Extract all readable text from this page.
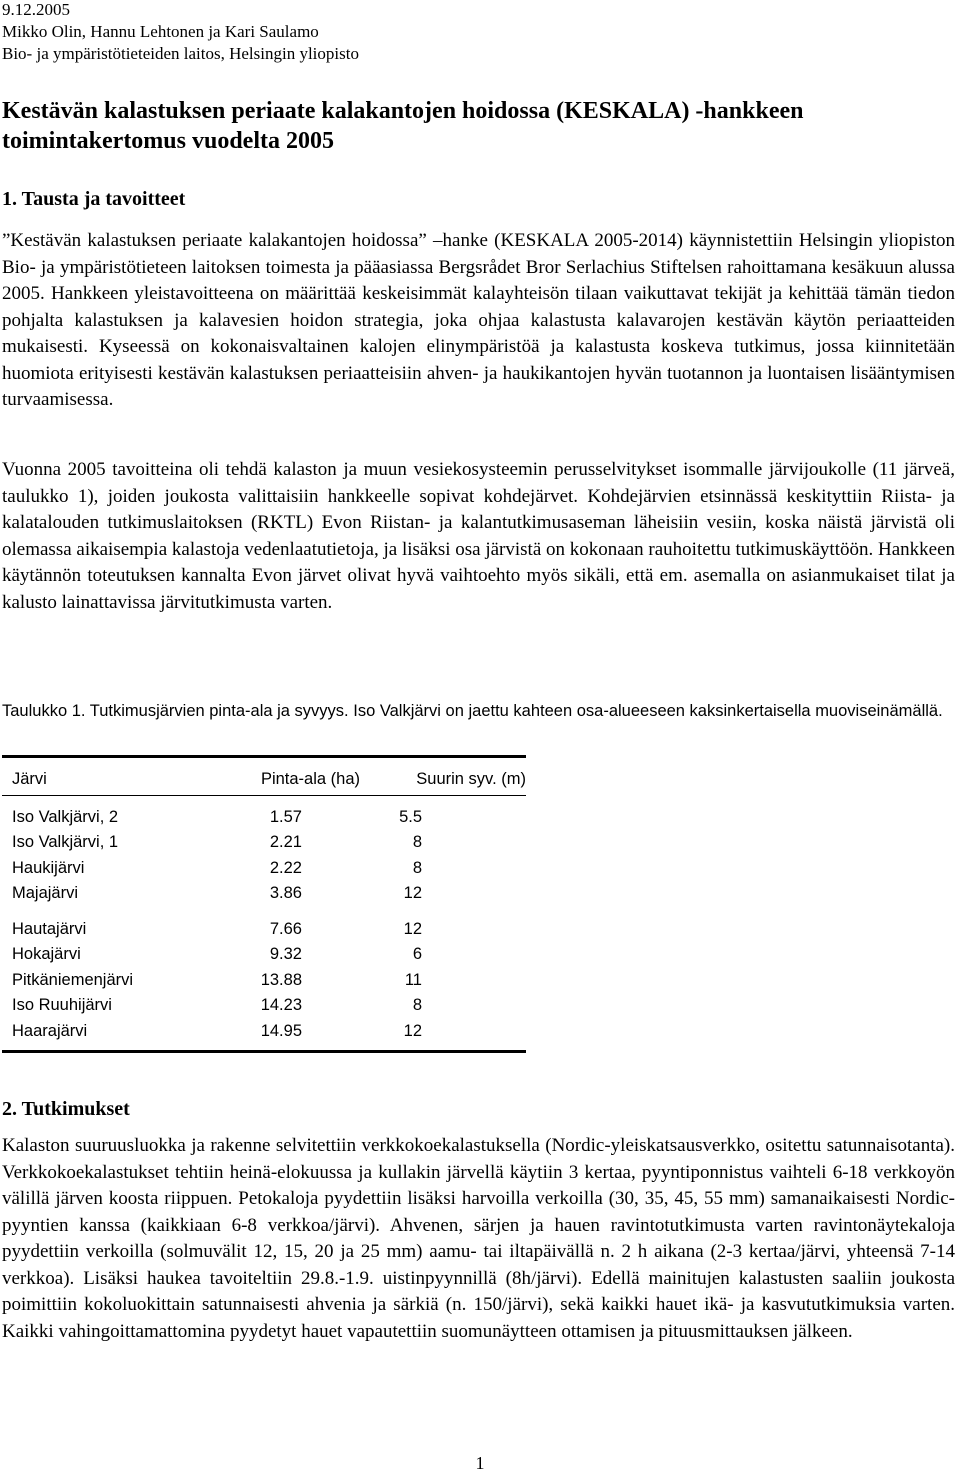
9.12.2005
Mikko Olin, Hannu Lehtonen ja Kari Saulamo
Bio- ja ympäristötieteiden laitos, Helsingin yliopisto
Kestävän kalastuksen periaate kalakantojen hoidossa (KESKALA) -hankkeen toimintakertomus vuodelta 2005
1. Tausta ja tavoitteet

”Kestävän kalastuksen periaate kalakantojen hoidossa” –hanke (KESKALA 2005-2014) käynnistettiin Helsingin yliopiston Bio- ja ympäristötieteen laitoksen toimesta ja pääasiassa Bergsrådet Bror Serlachius Stiftelsen rahoittamana kesäkuun alussa 2005. Hankkeen yleistavoitteena on määrittää keskeisimmät kalayhteisön tilaan vaikuttavat tekijät ja kehittää tämän tiedon pohjalta kalastuksen ja kalavesien hoidon strategia, joka ohjaa kalastusta kalavarojen kestävän käytön periaatteiden mukaisesti. Kyseessä on kokonaisvaltainen kalojen elinympäristöä ja kalastusta koskeva tutkimus, jossa kiinnitetään huomiota erityisesti kestävän kalastuksen periaatteisiin ahven- ja haukikantojen hyvän tuotannon ja luontaisen lisääntymisen turvaamisessa.

Vuonna 2005 tavoitteina oli tehdä kalaston ja muun vesiekosysteemin perusselvitykset isommalle järvijoukolle (11 järveä, taulukko 1), joiden joukosta valittaisiin hankkeelle sopivat kohdejärvet. Kohdejärvien etsinnässä keskityttiin Riista- ja kalatalouden tutkimuslaitoksen (RKTL) Evon Riistan- ja kalantutkimusaseman läheisiin vesiin, koska näistä järvistä oli olemassa aikaisempia kalastoja vedenlaatutietoja, ja lisäksi osa järvistä on kokonaan rauhoitettu tutkimuskäyttöön. Hankkeen käytännön toteutuksen kannalta Evon järvet olivat hyvä vaihtoehto myös sikäli, että em. asemalla on asianmukaiset tilat ja kalusto lainattavissa järvitutkimusta varten.

Taulukko 1. Tutkimusjärvien pinta-ala ja syvyys. Iso Valkjärvi on jaettu kahteen osa-alueeseen kaksinkertaisella muoviseinämällä.

Järvi	Pinta-ala (ha)	Suurin syv. (m)
Iso Valkjärvi, 2	1.57	5.5
Iso Valkjärvi, 1	2.21	8
Haukijärvi	2.22	8
Majajärvi	3.86	12
Hautajärvi	7.66	12
Hokajärvi	9.32	6
Pitkäniemenjärvi	13.88	11
Iso Ruuhijärvi	14.23	8
Haarajärvi	14.95	12
2. Tutkimukset

Kalaston suuruusluokka ja rakenne selvitettiin verkkokoekalastuksella (Nordic-yleiskatsausverkko, ositettu satunnaisotanta). Verkkokoekalastukset tehtiin heinä-elokuussa ja kullakin järvellä käytiin 3 kertaa, pyyntiponnistus vaihteli 6-18 verkkoyön välillä järven koosta riippuen. Petokaloja pyydettiin lisäksi harvoilla verkoilla (30, 35, 45, 55 mm) samanaikaisesti Nordic-pyyntien kanssa (kaikkiaan 6-8 verkkoa/järvi). Ahvenen, särjen ja hauen ravintotutkimusta varten ravintonäytekaloja pyydettiin verkoilla (solmuvälit 12, 15, 20 ja 25 mm) aamu- tai iltapäivällä n. 2 h aikana (2-3 kertaa/järvi, yhteensä 7-14 verkkoa). Lisäksi haukea tavoiteltiin 29.8.-1.9. uistinpyynnillä (8h/järvi). Edellä mainitujen kalastusten saaliin joukosta poimittiin kokoluokittain satunnaisesti ahvenia ja särkiä (n. 150/järvi), sekä kaikki hauet ikä- ja kasvututkimuksia varten. Kaikki vahingoittamattomina pyydetyt hauet vapautettiin suomunäytteen ottamisen ja pituusmittauksen jälkeen.

1
